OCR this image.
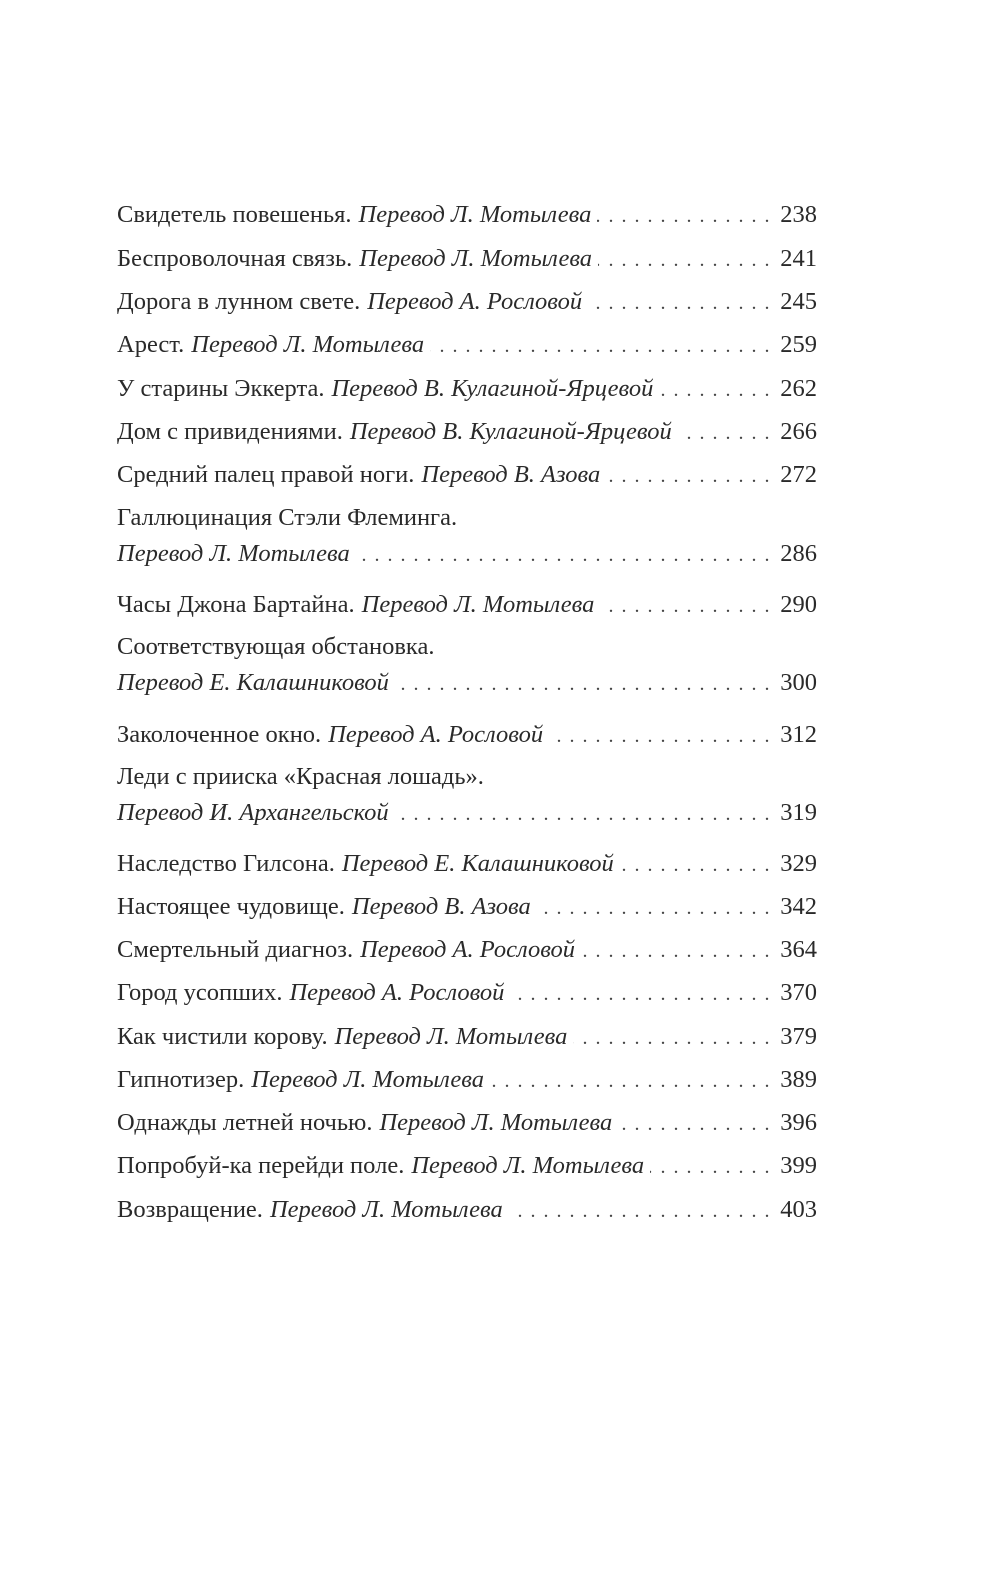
Свидетель повешенья. Перевод Л. Мотылева . . .	238
Беспроволочная связь. Перевод Л. Мотылева . . .	241
Дорога в лунном свете. Перевод А. Рословой . . .	245
Арест. Перевод Л. Мотылева . . .	259
У старины Эккерта. Перевод В. Кулагиной-Ярцевой . . .	262
Дом с привидениями. Перевод В. Кулагиной-Ярцевой . . .	266
Средний палец правой ноги. Перевод В. Азова . . .	272
Галлюцинация Стэли Флеминга.
Перевод Л. Мотылева . . .	286
Часы Джона Бартайна. Перевод Л. Мотылева . . .	290
Соответствующая обстановка.
Перевод Е. Калашниковой . . .	300
Заколоченное окно. Перевод А. Рословой . . .	312
Леди с прииска «Красная лошадь».
Перевод И. Архангельской . . .	319
Наследство Гилсона. Перевод Е. Калашниковой . . .	329
Настоящее чудовище. Перевод В. Азова . . .	342
Смертельный диагноз. Перевод А. Рословой . . .	364
Город усопших. Перевод А. Рословой . . .	370
Как чистили корову. Перевод Л. Мотылева . . .	379
Гипнотизер. Перевод Л. Мотылева . . .	389
Однажды летней ночью. Перевод Л. Мотылева . . .	396
Попробуй-ка перейди поле. Перевод Л. Мотылева . . .	399
Возвращение. Перевод Л. Мотылева . . .	403
